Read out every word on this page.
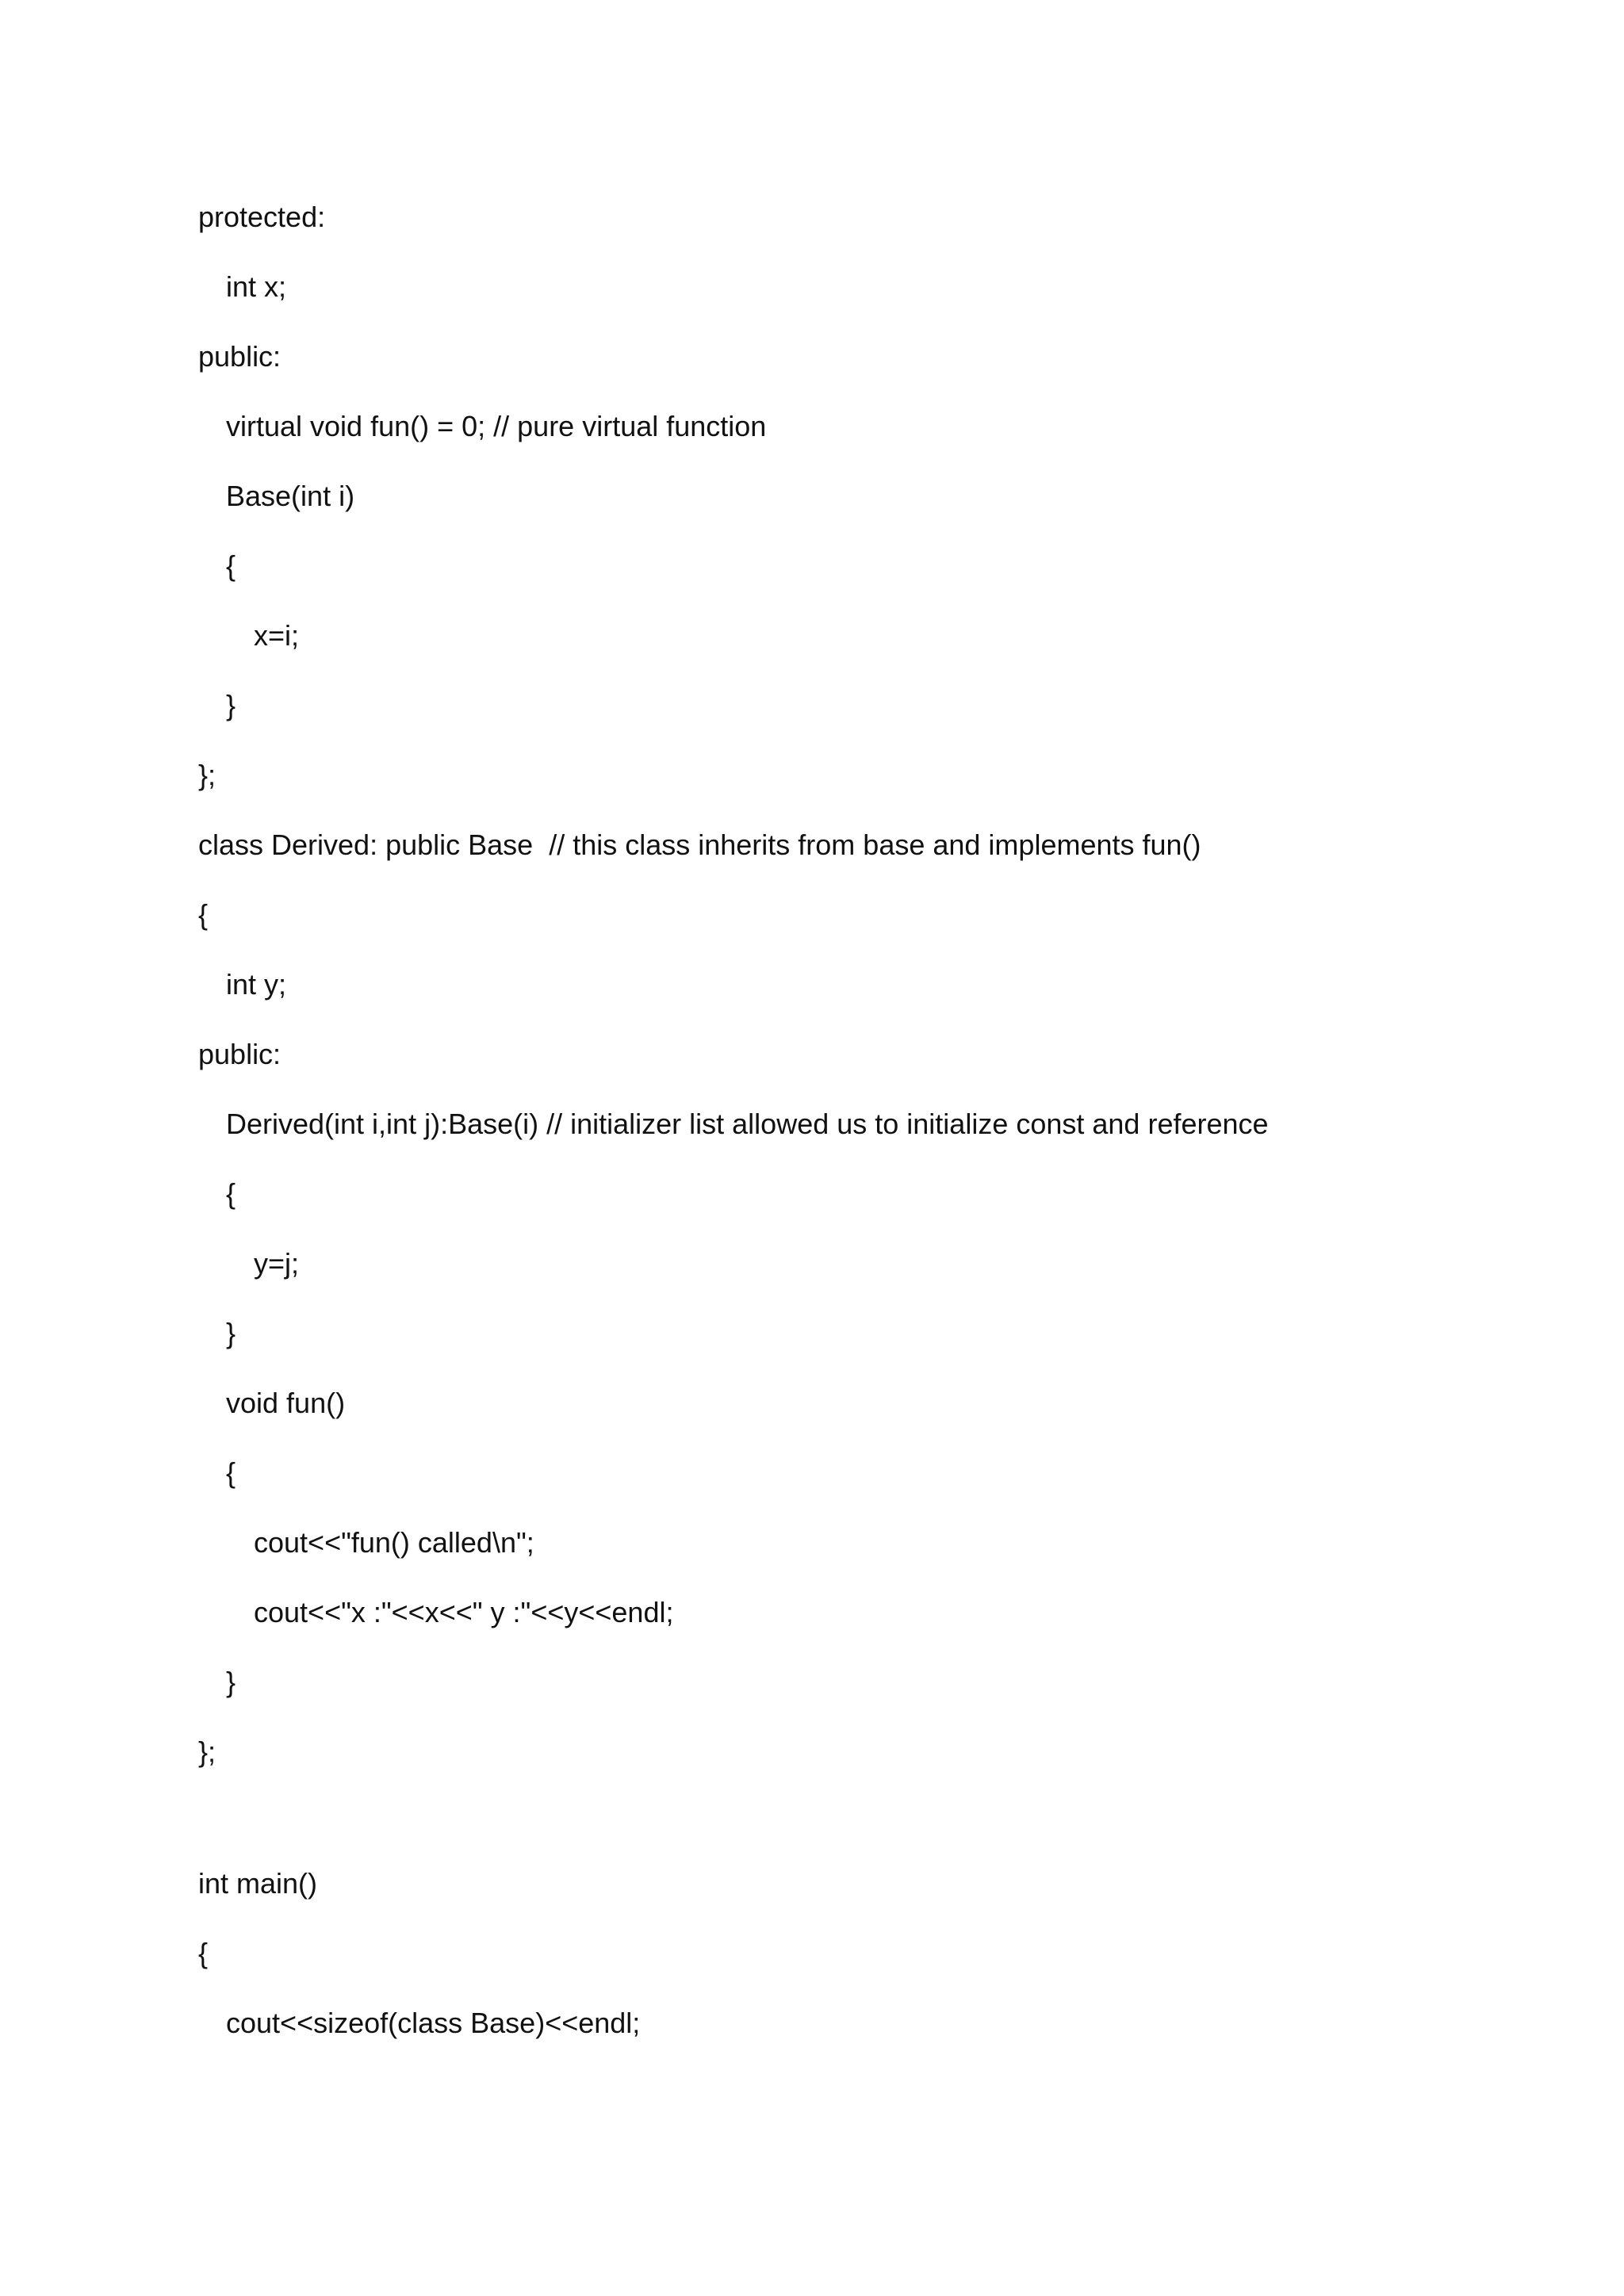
protected:
int x;
public:
virtual void fun() = 0; // pure virtual function
Base(int i)
{
x=i;
}
};
class Derived: public Base  // this class inherits from base and implements fun()
{
int y;
public:
Derived(int i,int j):Base(i) // initializer list allowed us to initialize const and reference
{
y=j;
}
void fun()
{
cout<<"fun() called\n";
cout<<"x :"<<x<<" y :"<<y<<endl;
}
};
int main()
{
cout<<sizeof(class Base)<<endl;
